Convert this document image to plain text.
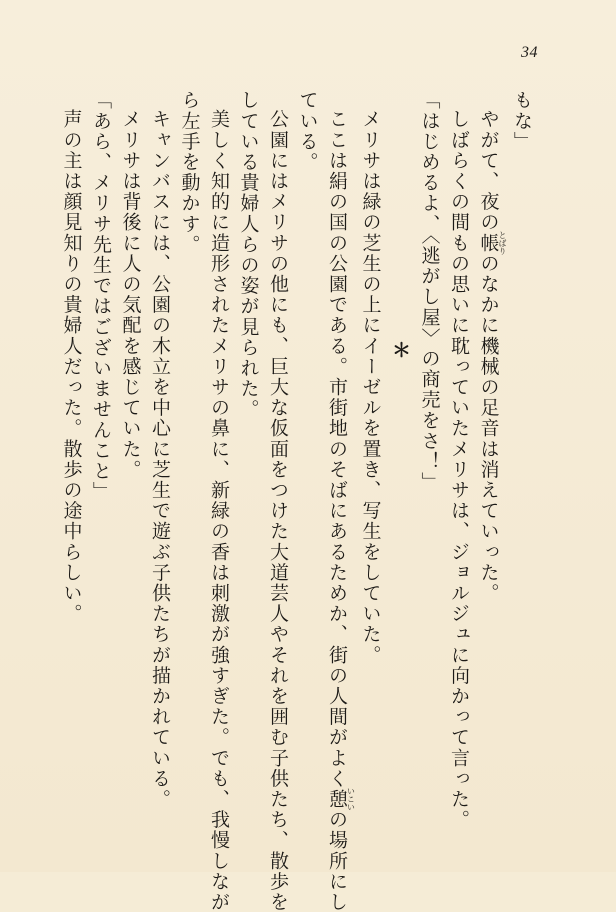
34
もな」
やがて、夜の帳とばりのなかに機械の足音は消えていった。
しばらくの間もの思いに耽っていたメリサは、ジョルジュに向かって言った。
「はじめるよ、〈逃がし屋〉の商売をさ！」
＊
メリサは緑の芝生の上にイーゼルを置き、写生をしていた。
ここは絹の国の公園である。市街地のそばにあるためか、街の人間がよく憩いこいの場所にし
ている。
公園にはメリサの他にも、巨大な仮面をつけた大道芸人やそれを囲む子供たち、散歩を
している貴婦人らの姿が見られた。
美しく知的に造形されたメリサの鼻に、新緑の香は刺激が強すぎた。でも、我慢しなが
ら左手を動かす。
キャンバスには、公園の木立を中心に芝生で遊ぶ子供たちが描かれている。
メリサは背後に人の気配を感じていた。
「あら、メリサ先生ではございませんこと」
声の主は顔見知りの貴婦人だった。散歩の途中らしい。
